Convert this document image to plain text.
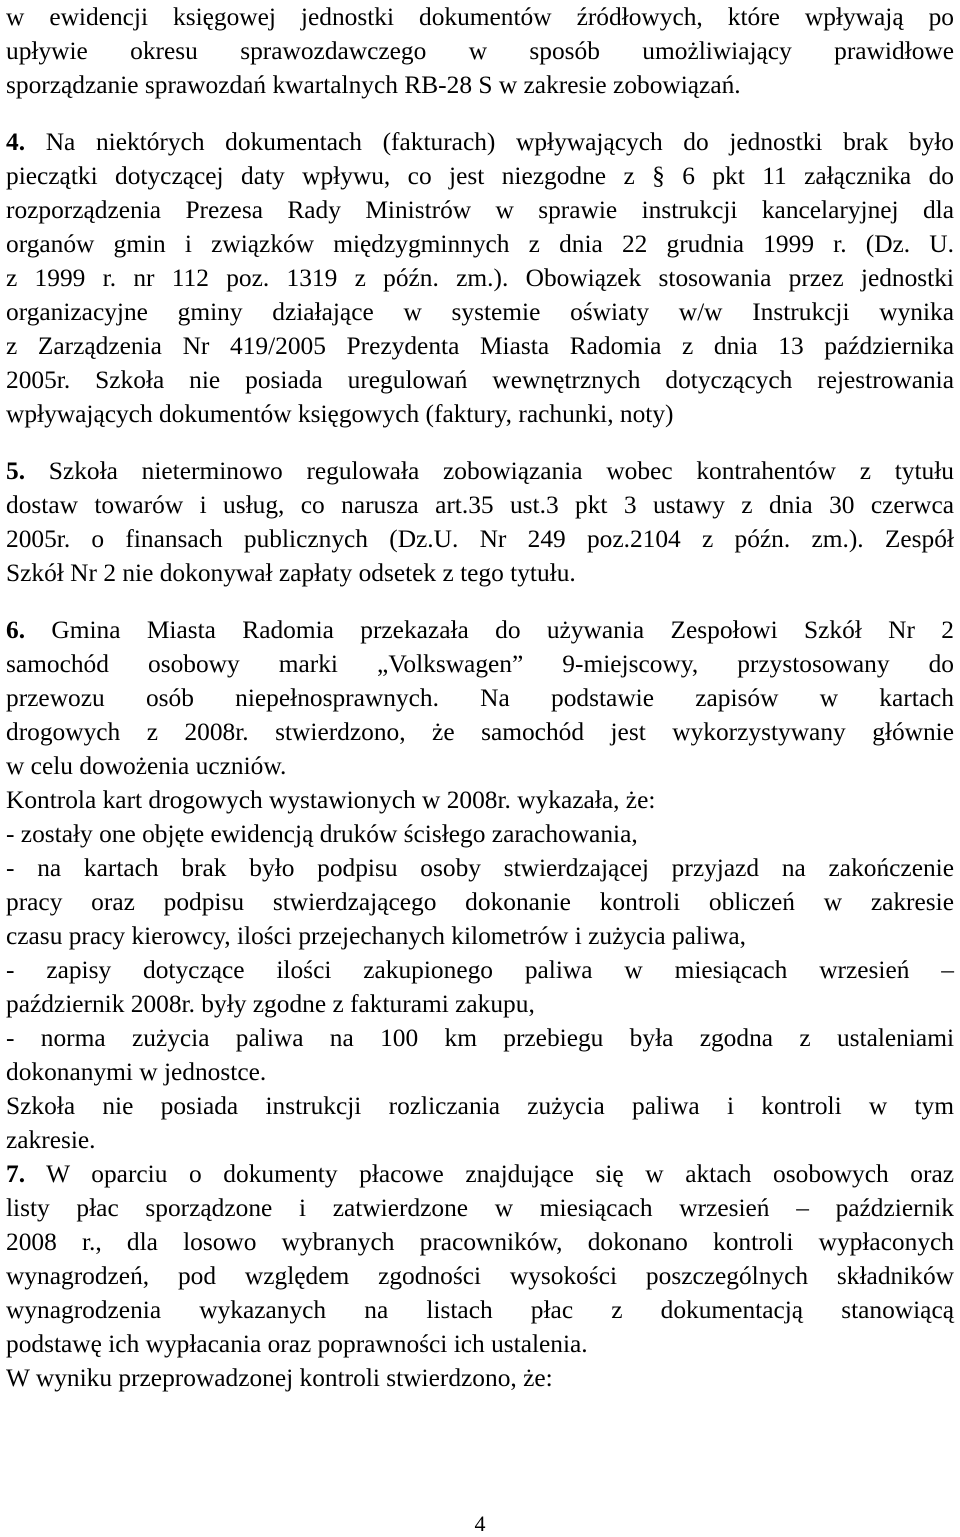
w ewidencji księgowej jednostki dokumentów źródłowych, które wpływają po
upływie okresu sprawozdawczego w sposób umożliwiający prawidłowe
sporządzanie sprawozdań kwartalnych RB-28 S w zakresie zobowiązań.

4. Na niektórych dokumentach (fakturach) wpływających do jednostki brak było
pieczątki dotyczącej daty wpływu, co jest niezgodne z § 6 pkt 11 załącznika do
rozporządzenia Prezesa Rady Ministrów w sprawie instrukcji kancelaryjnej dla
organów gmin i związków międzygminnych z dnia 22 grudnia 1999 r. (Dz. U.
z 1999 r. nr 112 poz. 1319 z późn. zm.). Obowiązek stosowania przez jednostki
organizacyjne gminy działające w systemie oświaty w/w Instrukcji wynika
z Zarządzenia Nr 419/2005 Prezydenta Miasta Radomia z dnia 13 października
2005r. Szkoła nie posiada uregulowań wewnętrznych dotyczących rejestrowania
wpływających dokumentów księgowych (faktury, rachunki, noty)

5. Szkoła nieterminowo regulowała zobowiązania wobec kontrahentów z tytułu
dostaw towarów i usług, co narusza art.35 ust.3 pkt 3 ustawy z dnia 30 czerwca
2005r. o finansach publicznych (Dz.U. Nr 249 poz.2104 z późn. zm.). Zespół
Szkół Nr 2 nie dokonywał zapłaty odsetek z tego tytułu.

6. Gmina Miasta Radomia przekazała do używania Zespołowi Szkół Nr 2
samochód osobowy marki „Volkswagen” 9-miejscowy, przystosowany do
przewozu osób niepełnosprawnych. Na podstawie zapisów w kartach
drogowych z 2008r. stwierdzono, że samochód jest wykorzystywany głównie
w celu dowożenia uczniów.

Kontrola kart drogowych wystawionych w 2008r. wykazała, że:

- zostały one objęte ewidencją druków ścisłego zarachowania,
- na kartach brak było podpisu osoby stwierdzającej przyjazd na zakończenie
pracy oraz podpisu stwierdzającego dokonanie kontroli obliczeń w zakresie
czasu pracy kierowcy, ilości przejechanych kilometrów i zużycia paliwa,
- zapisy dotyczące ilości zakupionego paliwa w miesiącach wrzesień –
październik 2008r. były zgodne z fakturami zakupu,
- norma zużycia paliwa na 100 km przebiegu była zgodna z ustaleniami
dokonanymi w jednostce.

Szkoła nie posiada instrukcji rozliczania zużycia paliwa i kontroli w tym
zakresie.

7. W oparciu o dokumenty płacowe znajdujące się w aktach osobowych oraz
listy płac sporządzone i zatwierdzone w miesiącach wrzesień – październik
2008 r., dla losowo wybranych pracowników, dokonano kontroli wypłaconych
wynagrodzeń, pod względem zgodności wysokości poszczególnych składników
wynagrodzenia wykazanych na listach płac z dokumentacją stanowiącą
podstawę ich wypłacania oraz poprawności ich ustalenia.

W wyniku przeprowadzonej kontroli stwierdzono, że:

4
